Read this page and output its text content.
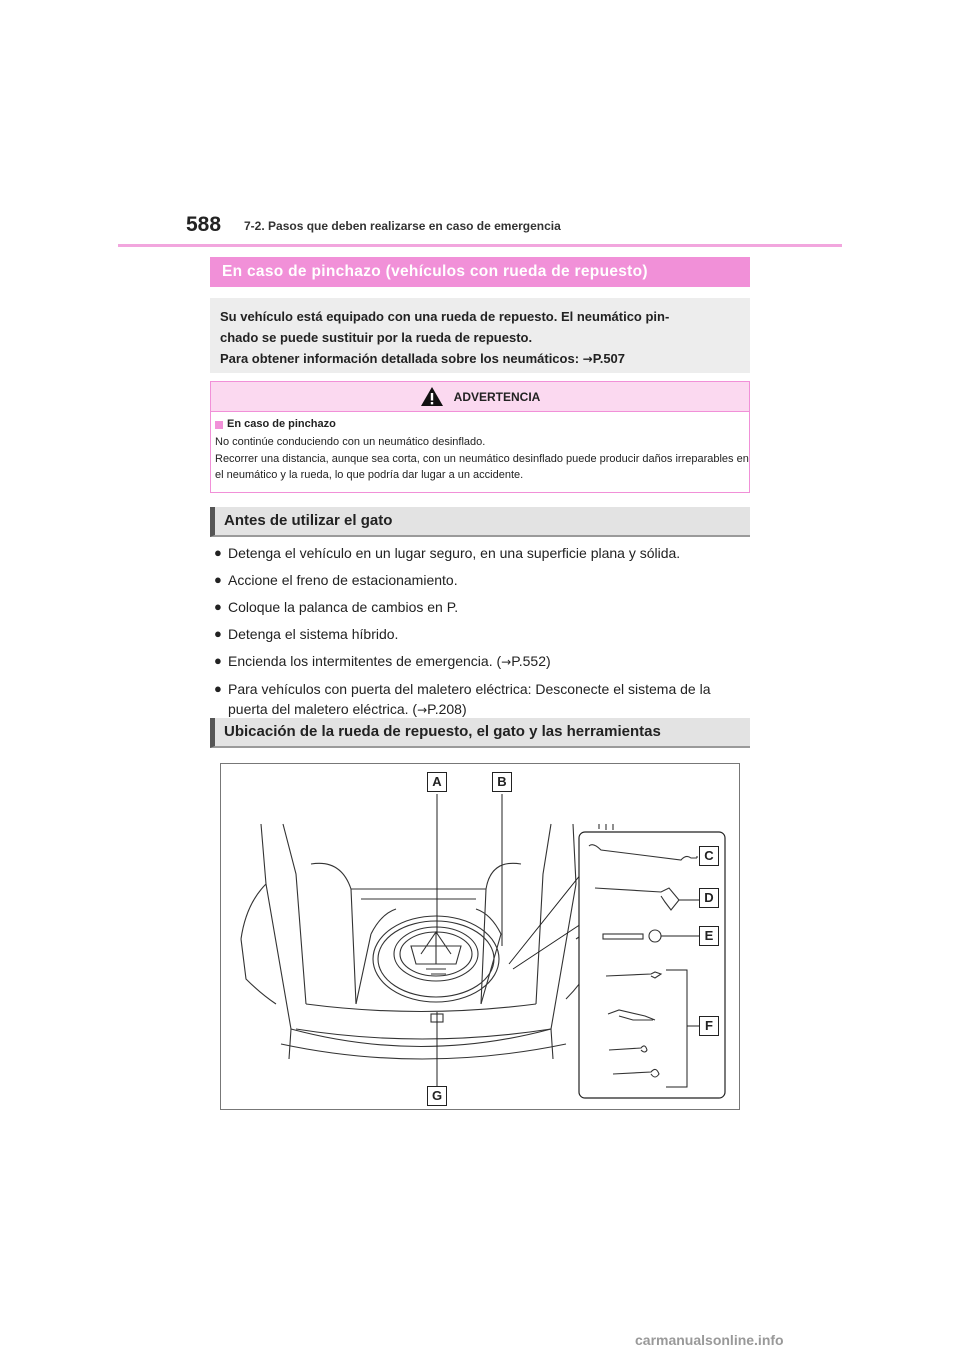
588 7-2. Pasos que deben realizarse en caso de emergencia
En caso de pinchazo (vehículos con rueda de repuesto)
Su vehículo está equipado con una rueda de repuesto. El neumático pin-
chado se puede sustituir por la rueda de repuesto.
Para obtener información detallada sobre los neumáticos: →P.507
ADVERTENCIA
En caso de pinchazo

No continúe conduciendo con un neumático desinflado.

Recorrer una distancia, aunque sea corta, con un neumático desinflado puede producir daños irreparables en el neumático y la rueda, lo que podría dar lugar a un accidente.

Antes de utilizar el gato
● Detenga el vehículo en un lugar seguro, en una superficie plana y sólida.
● Accione el freno de estacionamiento.
● Coloque la palanca de cambios en P.
● Detenga el sistema híbrido.
● Encienda los intermitentes de emergencia. (→P.552)
● Para vehículos con puerta del maletero eléctrica: Desconecte el sistema de la puerta del maletero eléctrica. (→P.208)
Ubicación de la rueda de repuesto, el gato y las herramientas
A	B
C
D
E
F
G
carmanualsonline.info
